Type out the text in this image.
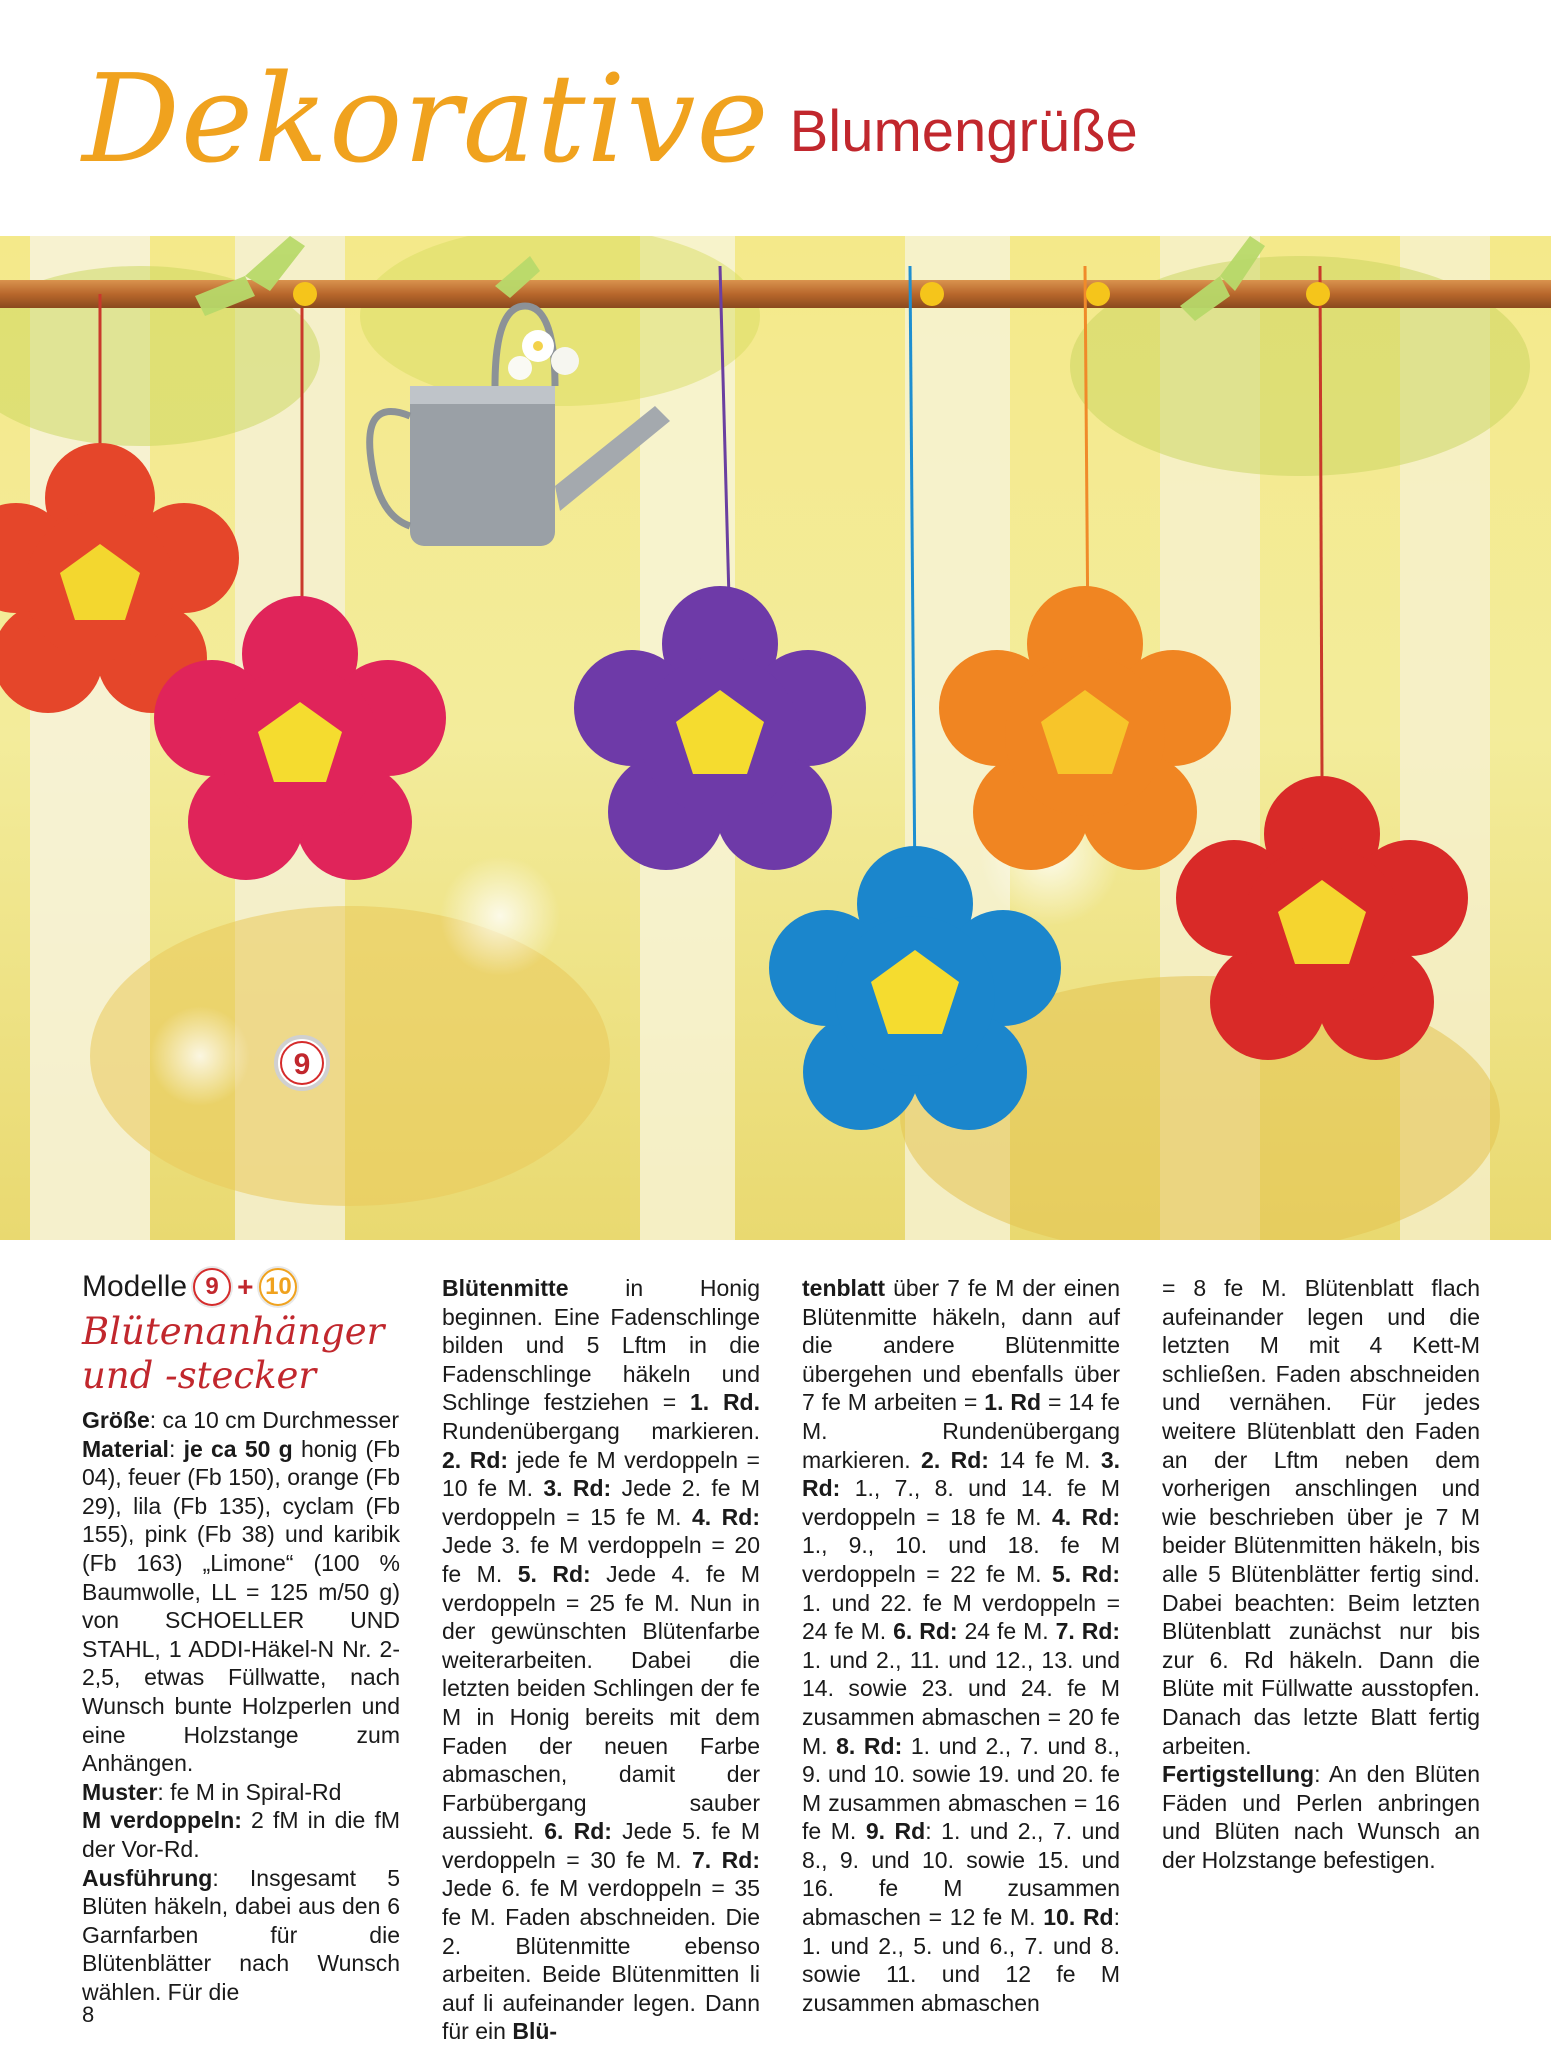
Dekorative Blumengrüße
9
Modelle 9 + 10
Blütenanhänger
und -stecker

Größe: ca 10 cm Durchmesser

Material: je ca 50 g honig (Fb 04), feuer (Fb 150), orange (Fb 29), lila (Fb 135), cyclam (Fb 155), pink (Fb 38) und karibik (Fb 163) „Limone“ (100 % Baumwolle, LL = 125 m/50 g) von SCHOELLER UND STAHL, 1 ADDI-Häkel-N Nr. 2-2,5, etwas Füllwatte, nach Wunsch bunte Holzperlen und eine Holzstange zum Anhängen.

Muster: fe M in Spiral-Rd

M verdoppeln: 2 fM in die fM der Vor-Rd.

Ausführung: Insgesamt 5 Blüten häkeln, dabei aus den 6 Garnfarben für die Blütenblätter nach Wunsch wählen. Für die

Blütenmitte in Honig beginnen. Eine Fadenschlinge bilden und 5 Lftm in die Fadenschlinge häkeln und Schlinge festziehen = 1. Rd. Rundenübergang markieren. 2. Rd: jede fe M verdoppeln = 10 fe M. 3. Rd: Jede 2. fe M verdoppeln = 15 fe M. 4. Rd: Jede 3. fe M verdoppeln = 20 fe M. 5. Rd: Jede 4. fe M verdoppeln = 25 fe M. Nun in der gewünschten Blütenfarbe weiterarbeiten. Dabei die letzten beiden Schlingen der fe M in Honig bereits mit dem Faden der neuen Farbe abmaschen, damit der Farbübergang sauber aussieht. 6. Rd: Jede 5. fe M verdoppeln = 30 fe M. 7. Rd: Jede 6. fe M verdoppeln = 35 fe M. Faden abschneiden. Die 2. Blütenmitte ebenso arbeiten. Beide Blütenmitten li auf li aufeinander legen. Dann für ein Blü-

tenblatt über 7 fe M der einen Blütenmitte häkeln, dann auf die andere Blütenmitte übergehen und ebenfalls über 7 fe M arbeiten = 1. Rd = 14 fe M. Rundenübergang markieren. 2. Rd: 14 fe M. 3. Rd: 1., 7., 8. und 14. fe M verdoppeln = 18 fe M. 4. Rd: 1., 9., 10. und 18. fe M verdoppeln = 22 fe M. 5. Rd: 1. und 22. fe M verdoppeln = 24 fe M. 6. Rd: 24 fe M. 7. Rd: 1. und 2., 11. und 12., 13. und 14. sowie 23. und 24. fe M zusammen abmaschen = 20 fe M. 8. Rd: 1. und 2., 7. und 8., 9. und 10. sowie 19. und 20. fe M zusammen abmaschen = 16 fe M. 9. Rd: 1. und 2., 7. und 8., 9. und 10. sowie 15. und 16. fe M zusammen abmaschen = 12 fe M. 10. Rd: 1. und 2., 5. und 6., 7. und 8. sowie 11. und 12 fe M zusammen abmaschen

= 8 fe M. Blütenblatt flach aufeinander legen und die letzten M mit 4 Kett-M schließen. Faden abschneiden und vernähen. Für jedes weitere Blütenblatt den Faden an der Lftm neben dem vorherigen anschlingen und wie beschrieben über je 7 M beider Blütenmitten häkeln, bis alle 5 Blütenblätter fertig sind. Dabei beachten: Beim letzten Blütenblatt zunächst nur bis zur 6. Rd häkeln. Dann die Blüte mit Füllwatte ausstopfen. Danach das letzte Blatt fertig arbeiten.

Fertigstellung: An den Blüten Fäden und Perlen anbringen und Blüten nach Wunsch an der Holzstange befestigen.

8
